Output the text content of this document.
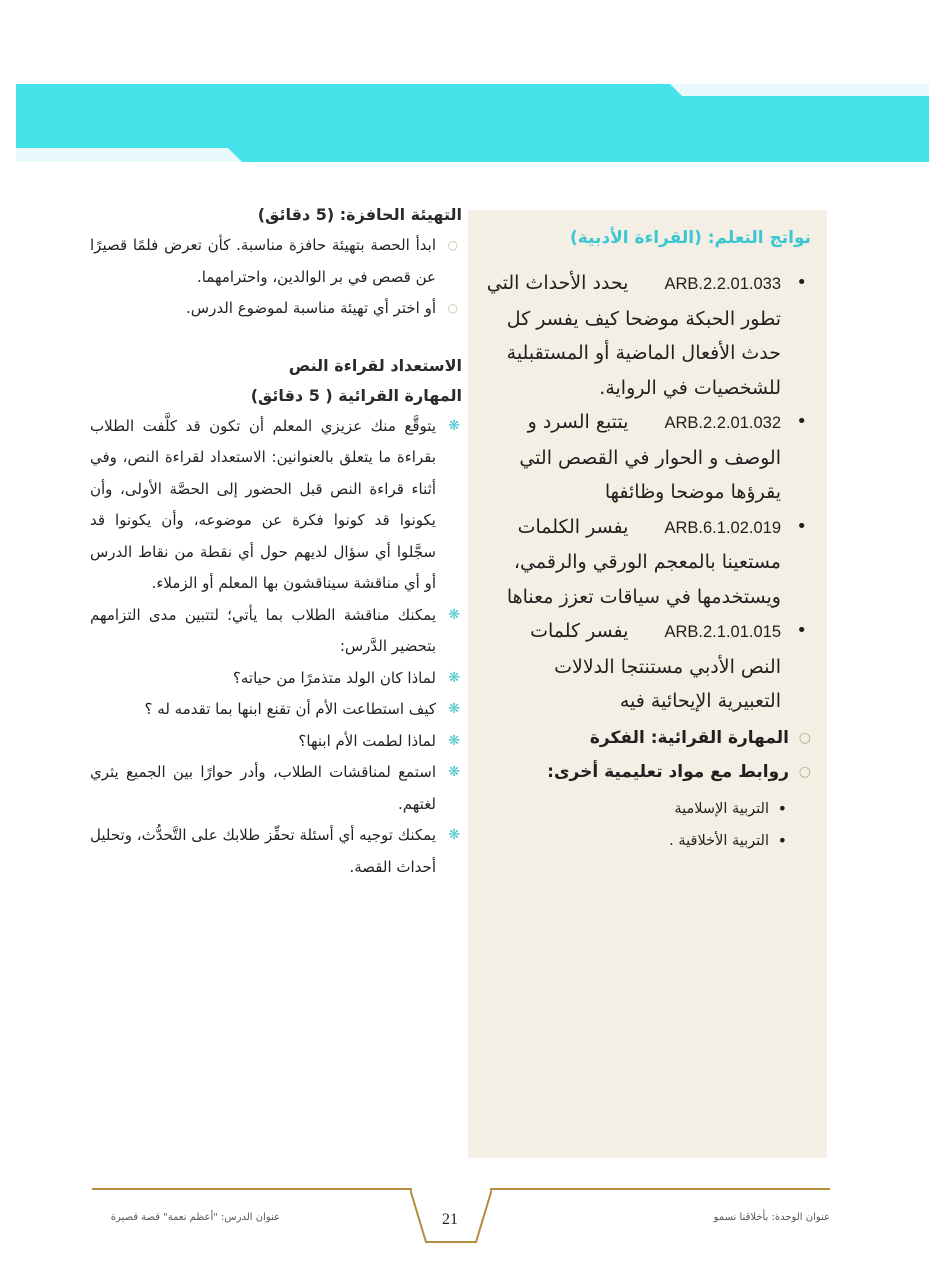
نواتج التعلم: (القراءة الأدبية)
•
ARB.2.2.01.033 يحدد الأحداث التي تطور الحبكة موضحا كيف يفسر كل حدث الأفعال الماضية أو المستقبلية للشخصيات في الرواية.
•
ARB.2.2.01.032 يتتبع السرد و الوصف و الحوار في القصص التي يقرؤها موضحا وظائفها
•
ARB.6.1.02.019 يفسر الكلمات مستعينا بالمعجم الورقي والرقمي، ويستخدمها في سياقات تعزز معناها
•
ARB.2.1.01.015 يفسر كلمات النص الأدبي مستنتجا الدلالات التعبيرية الإيحائية فيه
○
المهارة القرائية: الفكرة
○
روابط مع مواد تعليمية أخرى:
•
التربية الإسلامية
•
التربية الأخلاقية .
التهيئة الحافزة: (5 دقائق)
○
ابدأ الحصة بتهيئة حافزة مناسبة. كأن تعرض فلمًا قصيرًا عن قصص في بر الوالدين، واحترامهما.
○
أو اختر أي تهيئة مناسبة لموضوع الدرس.
الاستعداد لقراءة النص
المهارة القرائية ( 5 دقائق)
❋
يتوقَّع منك عزيزي المعلم أن تكون قد كلَّفت الطلاب بقراءة ما يتعلق بالعنوانين: الاستعداد لقراءة النص، وفي أثناء قراءة النص قبل الحضور إلى الحصَّة الأولى، وأن يكونوا قد كونوا فكرة عن موضوعه، وأن يكونوا قد سجَّلوا أي سؤال لديهم حول أي نقطة من نقاط الدرس أو أي مناقشة سيناقشون بها المعلم أو الزملاء.
❋
يمكنك مناقشة الطلاب بما يأتي؛ لتتبين مدى التزامهم بتحضير الدَّرس:
❋
لماذا كان الولد متذمرًا من حياته؟
❋
كيف استطاعت الأم أن تقنع ابنها بما تقدمه له ؟
❋
لماذا لطمت الأم ابنها؟
❋
استمع لمناقشات الطلاب، وأدر حوارًا بين الجميع يثري لغتهم.
❋
يمكنك توجيه أي أسئلة تحفِّز طلابك على التَّحدُّث، وتحليل أحداث القصة.
21
عنوان الدرس: "أعظم نعمة" قصة قصيرة	عنوان الوحدة: بأخلاقنا نسمو
